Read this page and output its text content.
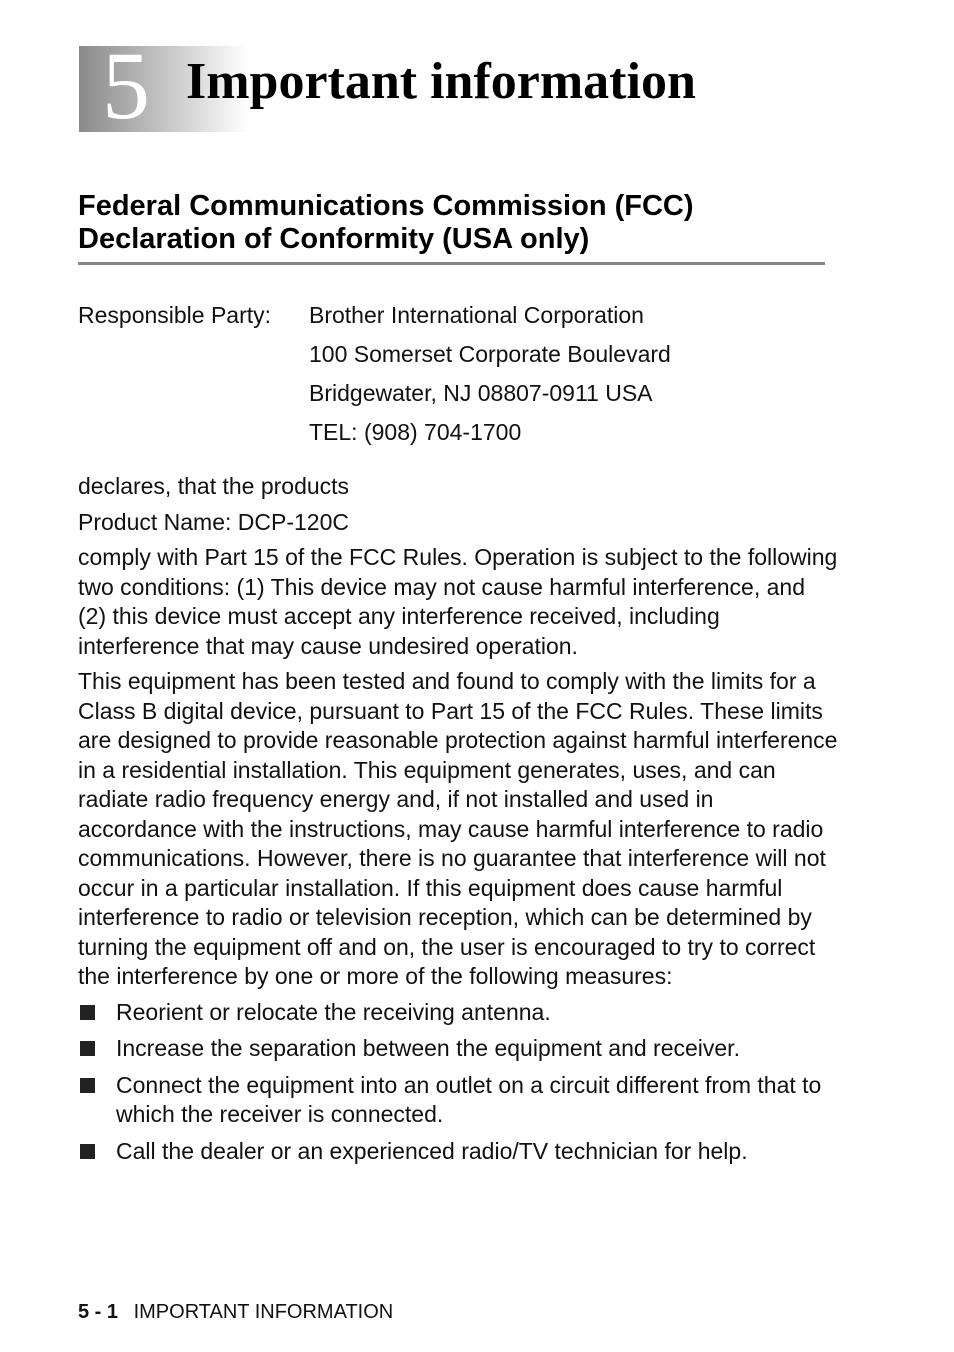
5 Important information
Federal Communications Commission (FCC)
Declaration of Conformity (USA only)
Responsible Party: Brother International Corporation
100 Somerset Corporate Boulevard
Bridgewater, NJ 08807-0911 USA
TEL: (908) 704-1700

declares, that the products

Product Name: DCP-120C

comply with Part 15 of the FCC Rules. Operation is subject to the following two conditions: (1) This device may not cause harmful interference, and (2) this device must accept any interference received, including interference that may cause undesired operation.

This equipment has been tested and found to comply with the limits for a Class B digital device, pursuant to Part 15 of the FCC Rules. These limits are designed to provide reasonable protection against harmful interference in a residential installation. This equipment generates, uses, and can radiate radio frequency energy and, if not installed and used in accordance with the instructions, may cause harmful interference to radio communications. However, there is no guarantee that interference will not occur in a particular installation. If this equipment does cause harmful interference to radio or television reception, which can be determined by turning the equipment off and on, the user is encouraged to try to correct the interference by one or more of the following measures:

Reorient or relocate the receiving antenna.
Increase the separation between the equipment and receiver.
Connect the equipment into an outlet on a circuit different from that to which the receiver is connected.
Call the dealer or an experienced radio/TV technician for help.
5 - 1 IMPORTANT INFORMATION
